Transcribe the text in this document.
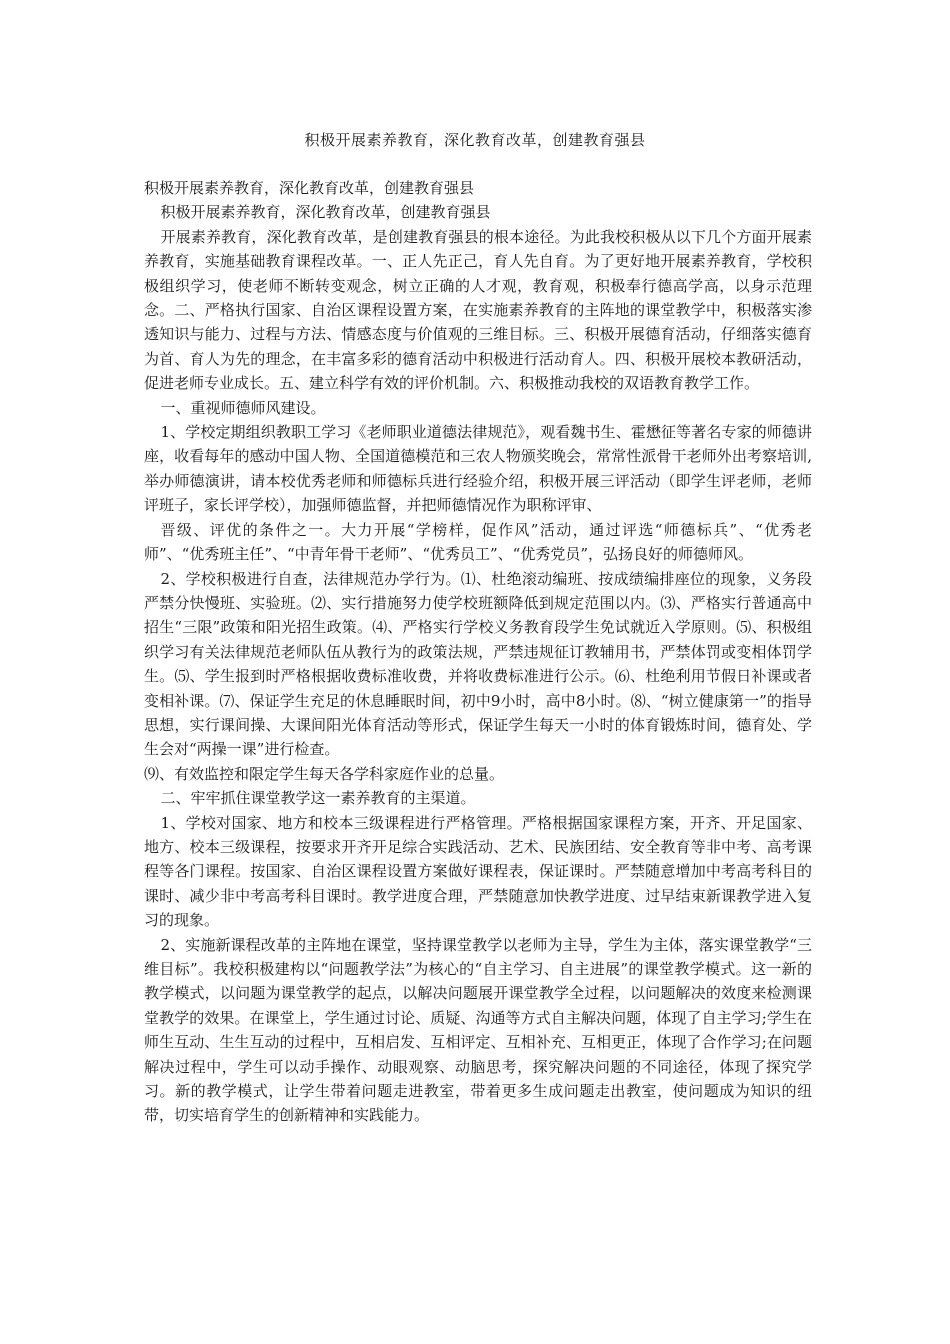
积极开展素养教育，深化教育改革，创建教育强县

积极开展素养教育，深化教育改革，创建教育强县

积极开展素养教育，深化教育改革，创建教育强县

开展素养教育，深化教育改革，是创建教育强县的根本途径。为此我校积极从以下几个方面开展素养教育，实施基础教育课程改革。一、正人先正己，育人先自育。为了更好地开展素养教育，学校积极组织学习，使老师不断转变观念，树立正确的人才观，教育观，积极奉行德高学高，以身示范理念。二、严格执行国家、自治区课程设置方案，在实施素养教育的主阵地的课堂教学中，积极落实渗透知识与能力、过程与方法、情感态度与价值观的三维目标。三、积极开展德育活动，仔细落实德育为首、育人为先的理念，在丰富多彩的德育活动中积极进行活动育人。四、积极开展校本教研活动，促进老师专业成长。五、建立科学有效的评价机制。六、积极推动我校的双语教育教学工作。

一、重视师德师风建设。

1、学校定期组织教职工学习《老师职业道德法律规范》，观看魏书生、霍懋征等著名专家的师德讲座，收看每年的感动中国人物、全国道德模范和三农人物颁奖晚会，常常性派骨干老师外出考察培训,举办师德演讲，请本校优秀老师和师德标兵进行经验介绍，积极开展三评活动（即学生评老师，老师评班子，家长评学校），加强师德监督，并把师德情况作为职称评审、

晋级、评优的条件之一。大力开展“学榜样，促作风”活动，通过评选“师德标兵”、“优秀老师”、“优秀班主任”、“中青年骨干老师”、“优秀员工”、“优秀党员”，弘扬良好的师德师风。

2、学校积极进行自查，法律规范办学行为。⑴、杜绝滚动编班、按成绩编排座位的现象，义务段严禁分快慢班、实验班。⑵、实行措施努力使学校班额降低到规定范围以内。⑶、严格实行普通高中招生“三限”政策和阳光招生政策。⑷、严格实行学校义务教育段学生免试就近入学原则。⑸、积极组织学习有关法律规范老师队伍从教行为的政策法规，严禁违规征订教辅用书，严禁体罚或变相体罚学生。⑸、学生报到时严格根据收费标准收费，并将收费标准进行公示。⑹、杜绝利用节假日补课或者变相补课。⑺、保证学生充足的休息睡眠时间，初中9小时，高中8小时。⑻、“树立健康第一”的指导思想，实行课间操、大课间阳光体育活动等形式，保证学生每天一小时的体育锻炼时间，德育处、学生会对“两操一课”进行检查。

⑼、有效监控和限定学生每天各学科家庭作业的总量。

二、牢牢抓住课堂教学这一素养教育的主渠道。

1、学校对国家、地方和校本三级课程进行严格管理。严格根据国家课程方案，开齐、开足国家、地方、校本三级课程，按要求开齐开足综合实践活动、艺术、民族团结、安全教育等非中考、高考课程等各门课程。按国家、自治区课程设置方案做好课程表，保证课时。严禁随意增加中考高考科目的课时、减少非中考高考科目课时。教学进度合理，严禁随意加快教学进度、过早结束新课教学进入复习的现象。

2、实施新课程改革的主阵地在课堂，坚持课堂教学以老师为主导，学生为主体，落实课堂教学“三维目标”。我校积极建构以“问题教学法”为核心的“自主学习、自主进展”的课堂教学模式。这一新的教学模式，以问题为课堂教学的起点，以解决问题展开课堂教学全过程，以问题解决的效度来检测课堂教学的效果。在课堂上，学生通过讨论、质疑、沟通等方式自主解决问题，体现了自主学习;学生在师生互动、生生互动的过程中，互相启发、互相评定、互相补充、互相更正，体现了合作学习;在问题解决过程中，学生可以动手操作、动眼观察、动脑思考，探究解决问题的不同途径，体现了探究学习。新的教学模式，让学生带着问题走进教室，带着更多生成问题走出教室，使问题成为知识的纽带，切实培育学生的创新精神和实践能力。
